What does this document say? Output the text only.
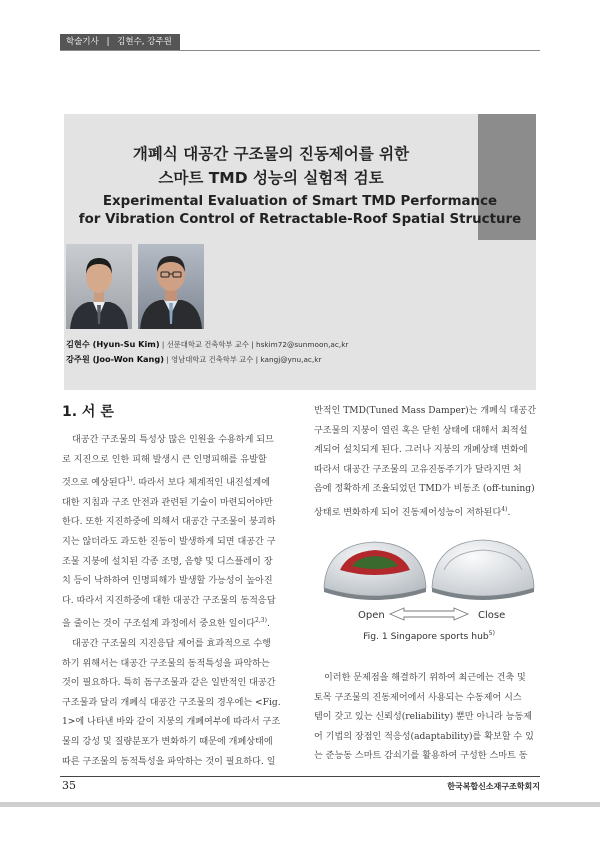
학술기사 | 김현수, 강주원
개폐식 대공간 구조물의 진동제어를 위한
스마트 TMD 성능의 실험적 검토
Experimental Evaluation of Smart TMD Performance
for Vibration Control of Retractable-Roof Spatial Structure
김현수 (Hyun-Su Kim) | 선문대학교 건축학부 교수 | hskim72@sunmoon,ac,kr
강주원 (Joo-Won Kang) | 영남대학교 건축학부 교수 | kangj@ynu,ac,kr

1. 서 론

대공간 구조물의 특성상 많은 인원을 수용하게 되므

로 지진으로 인한 피해 발생시 큰 인명피해를 유발할

것으로 예상된다$^{1)}$. 따라서 보다 체계적인 내진설계에

대한 지침과 구조 안전과 관련된 기술이 마련되어야만

한다. 또한 지진하중에 의해서 대공간 구조물이 붕괴하

지는 않더라도 과도한 진동이 발생하게 되면 대공간 구

조물 지붕에 설치된 각종 조명, 음향 및 디스플레이 장

치 등이 낙하하여 인명피해가 발생할 가능성이 높아진

다. 따라서 지진하중에 대한 대공간 구조물의 동적응답

을 줄이는 것이 구조설계 과정에서 중요한 일이다$^{2,3)}$.

대공간 구조물의 지진응답 제어를 효과적으로 수행

하기 위해서는 대공간 구조물의 동적특성을 파악하는

것이 필요하다. 특히 돔구조물과 같은 일반적인 대공간

구조물과 달리 개폐식 대공간 구조물의 경우에는 <Fig.

1>에 나타낸 바와 같이 지붕의 개폐여부에 따라서 구조

물의 강성 및 질량분포가 변화하기 때문에 개폐상태에

따른 구조물의 동적특성을 파악하는 것이 필요하다. 일

반적인 TMD(Tuned Mass Damper)는 개폐식 대공간

구조물의 지붕이 열린 혹은 닫힌 상태에 대해서 최적설

계되어 설치되게 된다. 그러나 지붕의 개폐상태 변화에

따라서 대공간 구조물의 고유진동주기가 달라지면 처

음에 정확하게 조율되었던 TMD가 비동조 (off-tuning)

상태로 변화하게 되어 진동제어성능이 저하된다$^{4)}$.

Open	Close
Fig. 1 Singapore sports hub$^{5)}$

이러한 문제점을 해결하기 위하여 최근에는 건축 및

토목 구조물의 진동제어에서 사용되는 수동제어 시스

템이 갖고 있는 신뢰성(reliability) 뿐만 아니라 능동제

어 기법의 장점인 적응성(adaptability)를 확보할 수 있

는 준능동 스마트 감쇠기를 활용하여 구성한 스마트 동

35	한국복합신소재구조학회지
